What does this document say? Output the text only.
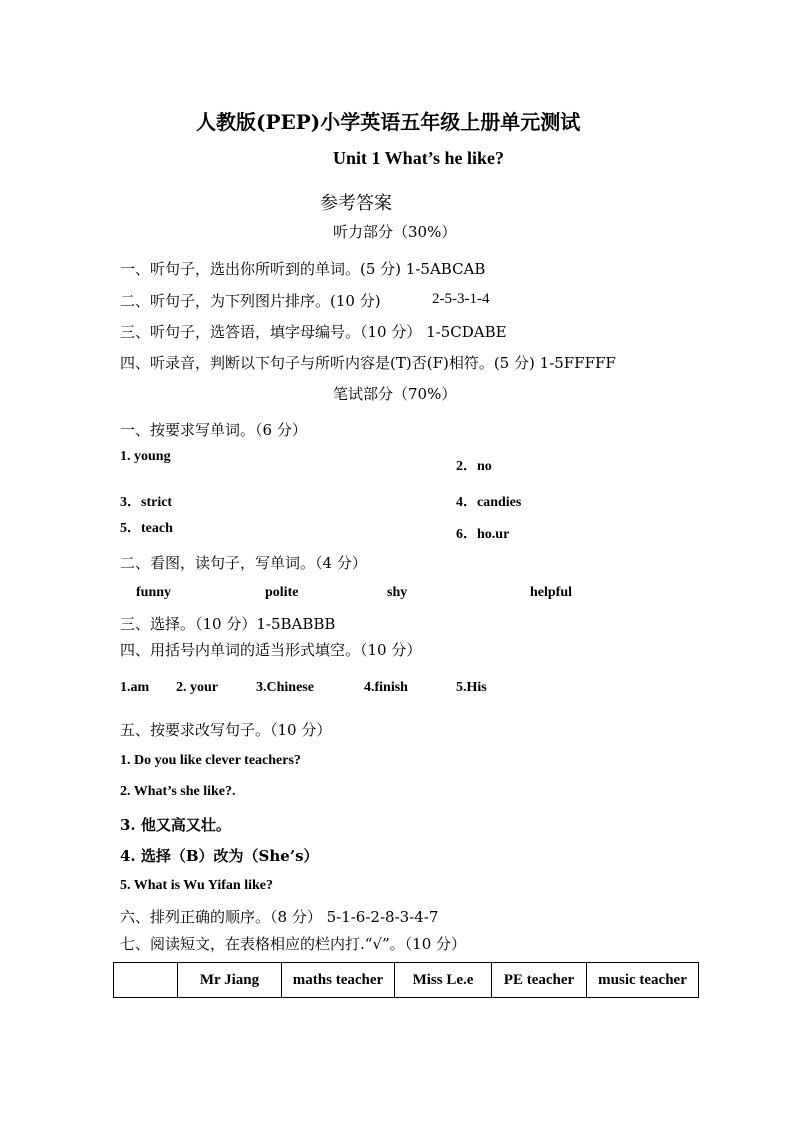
人教版(PEP)小学英语五年级上册单元测试
Unit 1 What’s he like?
参考答案
听力部分（30%）
一、听句子，选出你所听到的单词。(5 分) 1-5ABCAB
二、听句子，为下列图片排序。(10 分)	2-5-3-1-4
三、听句子，选答语，填字母编号。（10 分） 1-5CDABE
四、听录音，判断以下句子与所听内容是(T)否(F)相符。(5 分) 1-5FFFFF
笔试部分（70%）
一、按要求写单词。（6 分）
1. young
2．no
3．strict	4．candies
5．teach	6．ho.ur
二、看图，读句子，写单词。（4 分）
funny	polite	shy	helpful
三、选择。（10 分）1-5BABBB
四、用括号内单词的适当形式填空。（10 分）
1.am 2. your	3.Chinese	4.finish	5.His
五、按要求改写句子。（10 分）
1. Do you like clever teachers?
2. What’s she like?.
3. 他又高又壮。
4. 选择（B）改为（She’s）
5. What is Wu Yifan like?
六、排列正确的顺序。（8 分） 5-1-6-2-8-3-4-7
七、阅读短文，在表格相应的栏内打.“√”。（10 分）
	Mr Jiang	maths teacher	Miss Le.e	PE teacher	music teacher
